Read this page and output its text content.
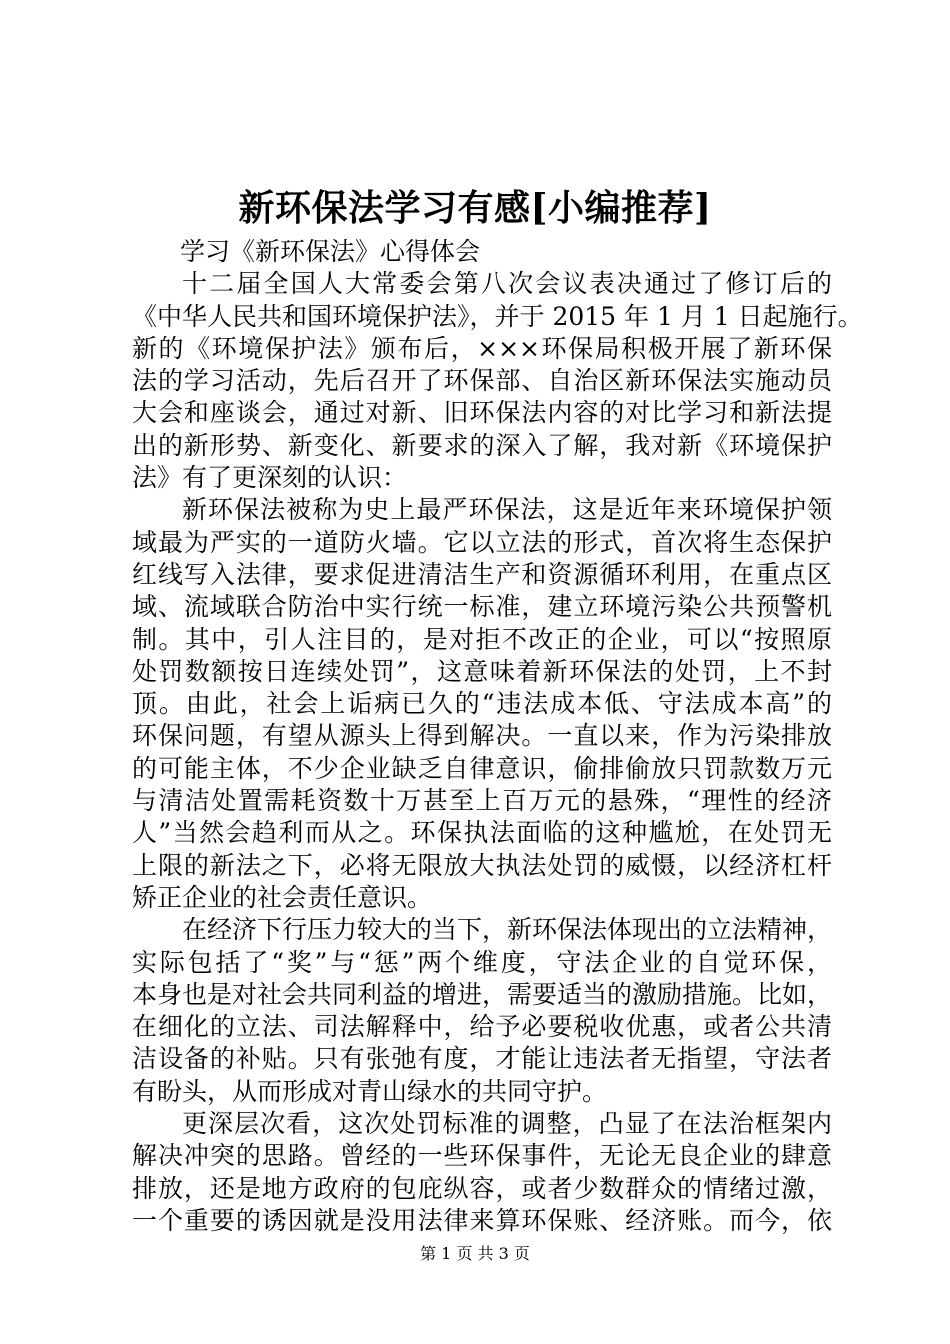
新环保法学习有感[小编推荐]
学习《新环保法》心得体会
十二届全国人大常委会第八次会议表决通过了修订后的
《中华人民共和国环境保护法》，并于 2015 年 1 月 1 日起施行。
新的《环境保护法》颁布后，×××环保局积极开展了新环保
法的学习活动，先后召开了环保部、自治区新环保法实施动员
大会和座谈会，通过对新、旧环保法内容的对比学习和新法提
出的新形势、新变化、新要求的深入了解，我对新《环境保护
法》有了更深刻的认识：
新环保法被称为史上最严环保法，这是近年来环境保护领
域最为严实的一道防火墙。它以立法的形式，首次将生态保护
红线写入法律，要求促进清洁生产和资源循环利用，在重点区
域、流域联合防治中实行统一标准，建立环境污染公共预警机
制。其中，引人注目的，是对拒不改正的企业，可以“按照原
处罚数额按日连续处罚”，这意味着新环保法的处罚，上不封
顶。由此，社会上诟病已久的“违法成本低、守法成本高”的
环保问题，有望从源头上得到解决。一直以来，作为污染排放
的可能主体，不少企业缺乏自律意识，偷排偷放只罚款数万元
与清洁处置需耗资数十万甚至上百万元的悬殊，“理性的经济
人”当然会趋利而从之。环保执法面临的这种尴尬，在处罚无
上限的新法之下，必将无限放大执法处罚的威慑，以经济杠杆
矫正企业的社会责任意识。
在经济下行压力较大的当下，新环保法体现出的立法精神，
实际包括了“奖”与“惩”两个维度，守法企业的自觉环保，
本身也是对社会共同利益的增进，需要适当的激励措施。比如，
在细化的立法、司法解释中，给予必要税收优惠，或者公共清
洁设备的补贴。只有张弛有度，才能让违法者无指望，守法者
有盼头，从而形成对青山绿水的共同守护。
更深层次看，这次处罚标准的调整，凸显了在法治框架内
解决冲突的思路。曾经的一些环保事件，无论无良企业的肆意
排放，还是地方政府的包庇纵容，或者少数群众的情绪过激，
一个重要的诱因就是没用法律来算环保账、经济账。而今，依
第 1 页 共 3 页
